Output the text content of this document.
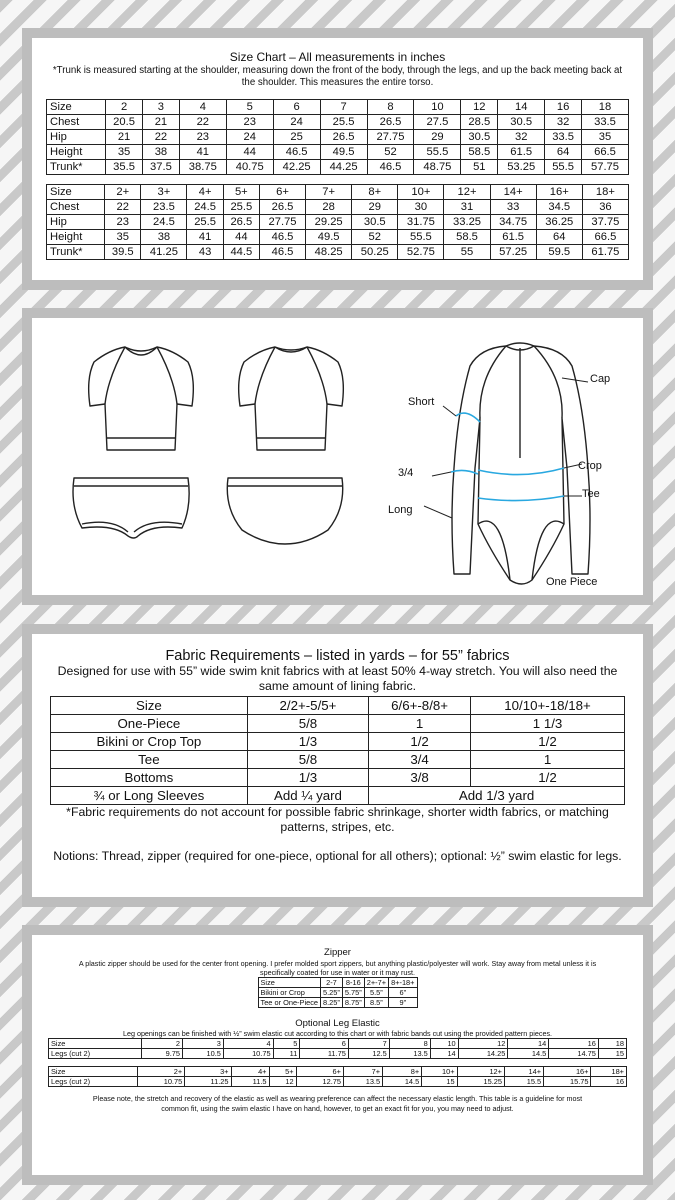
Size Chart – All measurements in inches

*Trunk is measured starting at the shoulder, measuring down the front of the body, through the legs, and up the back meeting back at the shoulder. This measures the entire torso.

Size	2	3	4	5	6	7	8	10	12	14	16	18
Chest	20.5	21	22	23	24	25.5	26.5	27.5	28.5	30.5	32	33.5
Hip	21	22	23	24	25	26.5	27.75	29	30.5	32	33.5	35
Height	35	38	41	44	46.5	49.5	52	55.5	58.5	61.5	64	66.5
Trunk*	35.5	37.5	38.75	40.75	42.25	44.25	46.5	48.75	51	53.25	55.5	57.75
Size	2+	3+	4+	5+	6+	7+	8+	10+	12+	14+	16+	18+
Chest	22	23.5	24.5	25.5	26.5	28	29	30	31	33	34.5	36
Hip	23	24.5	25.5	26.5	27.75	29.25	30.5	31.75	33.25	34.75	36.25	37.75
Height	35	38	41	44	46.5	49.5	52	55.5	58.5	61.5	64	66.5
Trunk*	39.5	41.25	43	44.5	46.5	48.25	50.25	52.75	55	57.25	59.5	61.75
Cap
Short
Crop
3/4
Tee
Long
One Piece

Fabric Requirements – listed in yards – for 55” fabrics

Designed for use with 55” wide swim knit fabrics with at least 50% 4-way stretch. You will also need the same amount of lining fabric.

Size	2/2+-5/5+	6/6+-8/8+	10/10+-18/18+
One-Piece	5/8	1	1 1/3
Bikini or Crop Top	1/3	1/2	1/2
Tee	5/8	3/4	1
Bottoms	1/3	3/8	1/2
¾ or Long Sleeves	Add ¼ yard	Add 1/3 yard	

*Fabric requirements do not account for possible fabric shrinkage, shorter width fabrics, or matching patterns, stripes, etc.

Notions: Thread, zipper (required for one-piece, optional for all others); optional: ½” swim elastic for legs.

Zipper

A plastic zipper should be used for the center front opening. I prefer molded sport zippers, but anything plastic/polyester will work. Stay away from metal unless it is specifically coated for use in water or it may rust.

Size	2-7	8-16	2+-7+	8+-18+
Bikini or Crop	5.25”	5.75”	5.5”	6”
Tee or One-Piece	8.25”	8.75”	8.5”	9”

Optional Leg Elastic

Leg openings can be finished with ½” swim elastic cut according to this chart or with fabric bands cut using the provided pattern pieces.

Size	2	3	4	5	6	7	8	10	12	14	16	18
Legs (cut 2)	9.75	10.5	10.75	11	11.75	12.5	13.5	14	14.25	14.5	14.75	15
Size	2+	3+	4+	5+	6+	7+	8+	10+	12+	14+	16+	18+
Legs (cut 2)	10.75	11.25	11.5	12	12.75	13.5	14.5	15	15.25	15.5	15.75	16

Please note, the stretch and recovery of the elastic as well as wearing preference can affect the necessary elastic length. This table is a guideline for most common fit, using the swim elastic I have on hand, however, to get an exact fit for you, you may need to adjust.
